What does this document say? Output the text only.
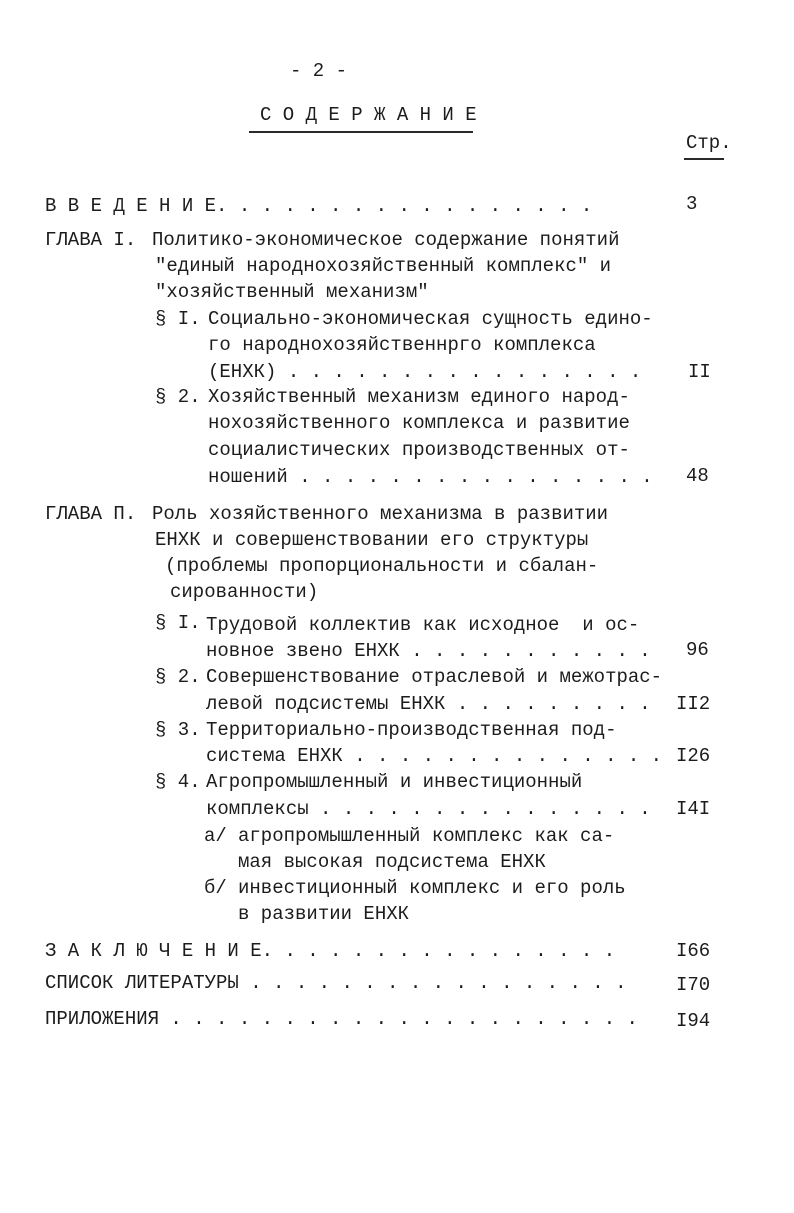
- 2 -
С О Д Е Р Ж А Н И Е
Стр.
В В Е Д Е Н И Е. . . . . . . . . . . . . . . . .	3
ГЛАВА I. Политико-экономическое содержание понятий
"единый народнохозяйственный комплекс" и
"хозяйственный механизм"
§ I. Социально-экономическая сущность едино-
го народнохозяйственнрго комплекса
(ЕНХК) . . . . . . . . . . . . . . . . II
§ 2. Хозяйственный механизм единого народ-
нохозяйственного комплекса и развитие
социалистических производственных от-
ношений . . . . . . . . . . . . . . . . 48
ГЛАВА П. Роль хозяйственного механизма в развитии
ЕНХК и совершенствовании его структуры
(проблемы пропорциональности и сбалан-
сированности)
§ I. Трудовой коллектив как исходное  и ос-
новное звено ЕНХК . . . . . . . . . . . 96
§ 2. Совершенствование отраслевой и межотрас-
левой подсистемы ЕНХК . . . . . . . . . II2
§ 3. Территориально-производственная под-
система ЕНХК . . . . . . . . . . . . . . I26
§ 4. Агропромышленный и инвестиционный
комплексы . . . . . . . . . . . . . . . I4I
а/ агропромышленный комплекс как са-
мая высокая подсистема ЕНХК
б/ инвестиционный комплекс и его роль
в развитии ЕНХК
З А К Л Ю Ч Е Н И Е. . . . . . . . . . . . . . . .	I66
СПИСОК ЛИТЕРАТУРЫ . . . . . . . . . . . . . . . . .	I70
ПРИЛОЖЕНИЯ . . . . . . . . . . . . . . . . . . . . . I94
